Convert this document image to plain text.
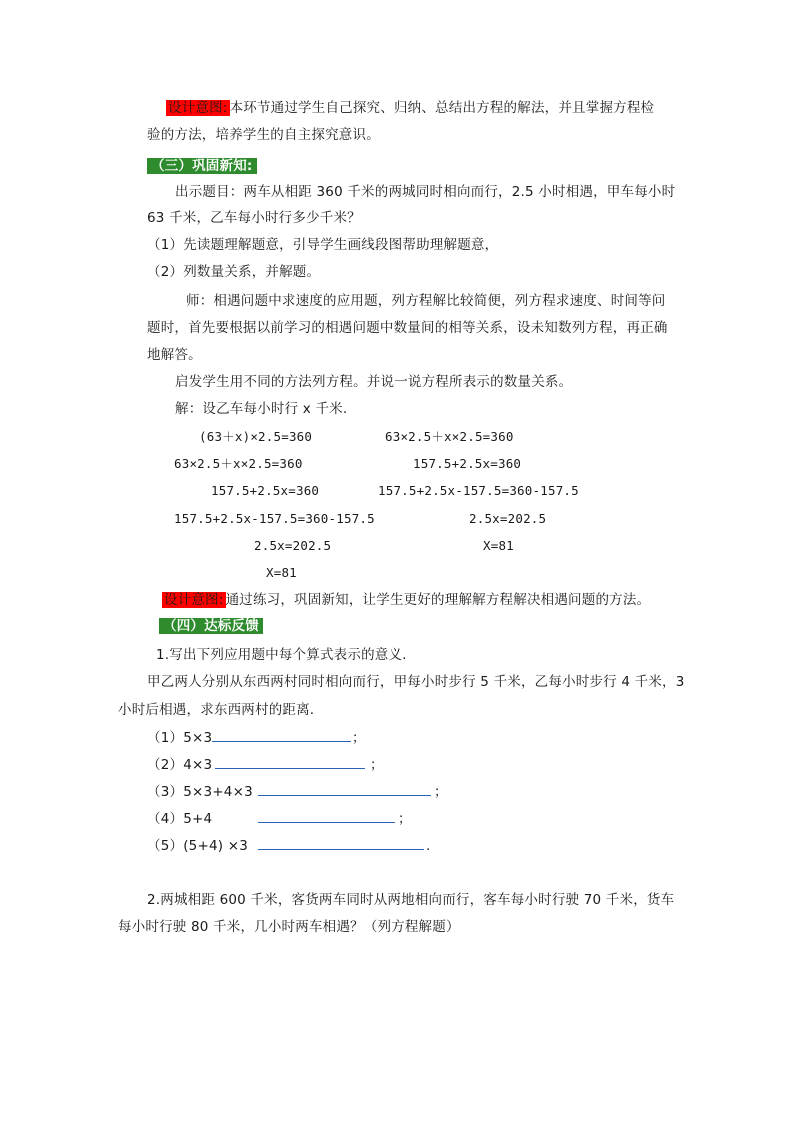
设计意图: 本环节通过学生自己探究、归纳、总结出方程的解法，并且掌握方程检
验的方法，培养学生的自主探究意识。
（三）巩固新知:
出示题目：两车从相距 360 千米的两城同时相向而行，2.5 小时相遇，甲车每小时
63 千米，乙车每小时行多少千米？
（1）先读题理解题意，引导学生画线段图帮助理解题意，
（2）列数量关系，并解题。
师：相遇问题中求速度的应用题，列方程解比较简便，列方程求速度、时间等问
题时，首先要根据以前学习的相遇问题中数量间的相等关系，设未知数列方程，再正确
地解答。
启发学生用不同的方法列方程。并说一说方程所表示的数量关系。
解：设乙车每小时行 x 千米.
(63＋x)×2.5=360
63×2.5＋x×2.5=360
157.5+2.5x=360
157.5+2.5x-157.5=360-157.5
2.5x=202.5
X=81
63×2.5＋x×2.5=360
157.5+2.5x=360
157.5+2.5x-157.5=360-157.5
2.5x=202.5
X=81
设计意图: 通过练习，巩固新知，让学生更好的理解解方程解决相遇问题的方法。
（四）达标反馈
1.写出下列应用题中每个算式表示的意义.
甲乙两人分别从东西两村同时相向而行，甲每小时步行 5 千米，乙每小时步行 4 千米，3
小时后相遇，求东西两村的距离.
（1）5×3	；
（2）4×3	；
（3）5×3+4×3	；
（4）5+4	；
（5）(5+4) ×3	.
2.两城相距 600 千米，客货两车同时从两地相向而行，客车每小时行驶 70 千米，货车
每小时行驶 80 千米，几小时两车相遇？（列方程解题）
